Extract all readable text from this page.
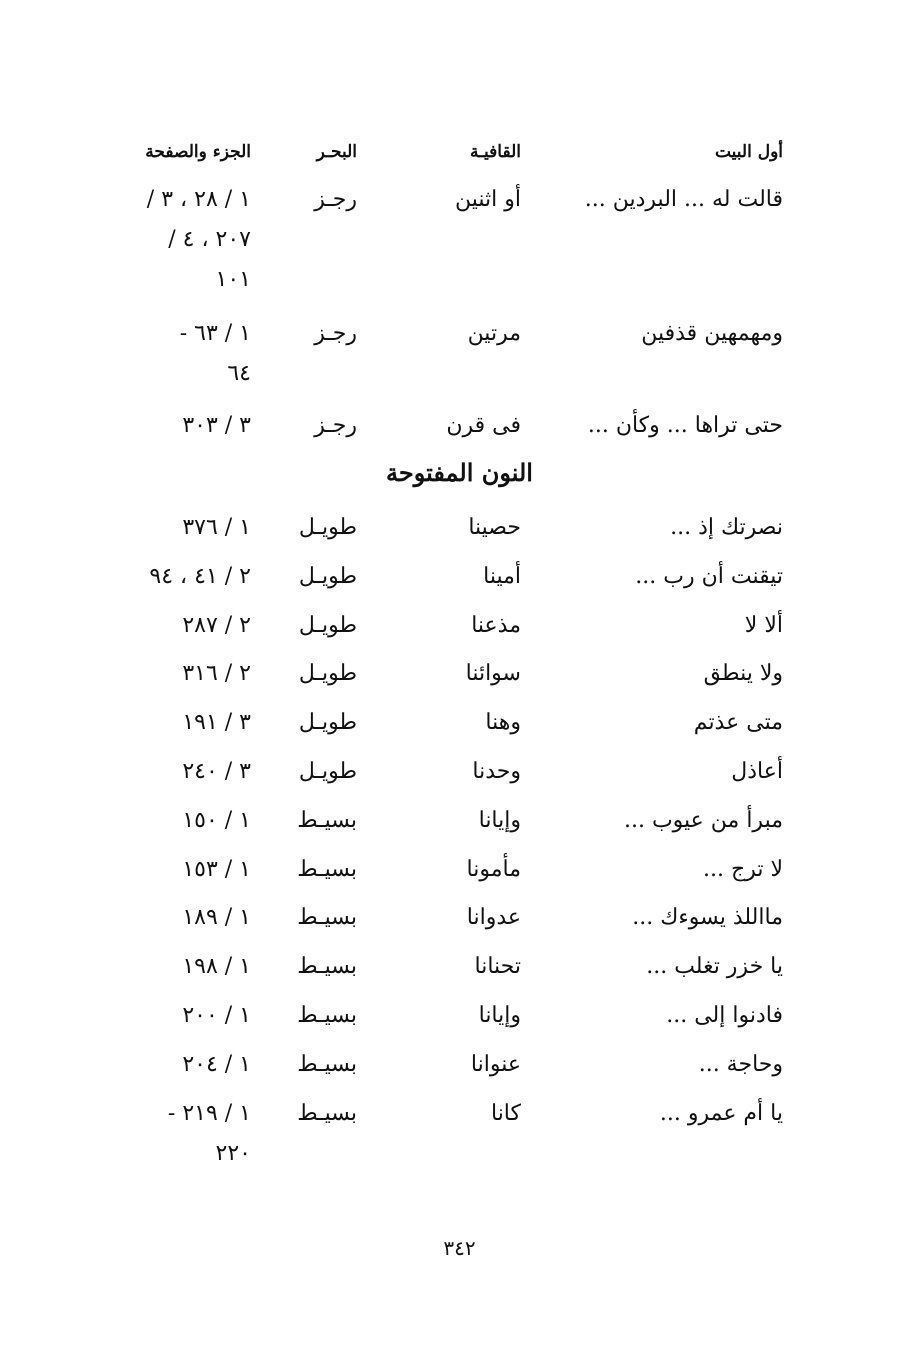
أول البيت
القافيـة
البحـر
الجزء والصفحة
قالت له ... البردين ...
أو اثنين
رجـز
١ / ٢٨ ، ٣ /
٢٠٧ ، ٤ /
١٠١
ومهمهين قذفين
مرتين
رجـز
١ / ٦٣ -
٦٤
حتى تراها ... وكأن ...
فى قرن
رجـز
٣ / ٣٠٣
نصرتك إذ ...
حصينا
طويـل
١ / ٣٧٦
تيقنت أن رب ...
أمينا
طويـل
٢ / ٤١ ، ٩٤
ألا لا
مذعنا
طويـل
٢ / ٢٨٧
ولا ينطق
سوائنا
طويـل
٢ / ٣١٦
متى عذتم
وهنا
طويـل
٣ / ١٩١
أعاذل
وحدنا
طويـل
٣ / ٢٤٠
مبرأ من عيوب ...
وإيانا
بسيـط
١ / ١٥٠
لا ترج ...
مأمونا
بسيـط
١ / ١٥٣
مااللذ يسوءك ...
عدوانا
بسيـط
١ / ١٨٩
يا خزر تغلب ...
تحنانا
بسيـط
١ / ١٩٨
فادنوا إلى ...
وإيانا
بسيـط
١ / ٢٠٠
وحاجة ...
عنوانا
بسيـط
١ / ٢٠٤
يا أم عمرو ...
كانا
بسيـط
١ / ٢١٩ -
٢٢٠
النون المفتوحة
٣٤٢
